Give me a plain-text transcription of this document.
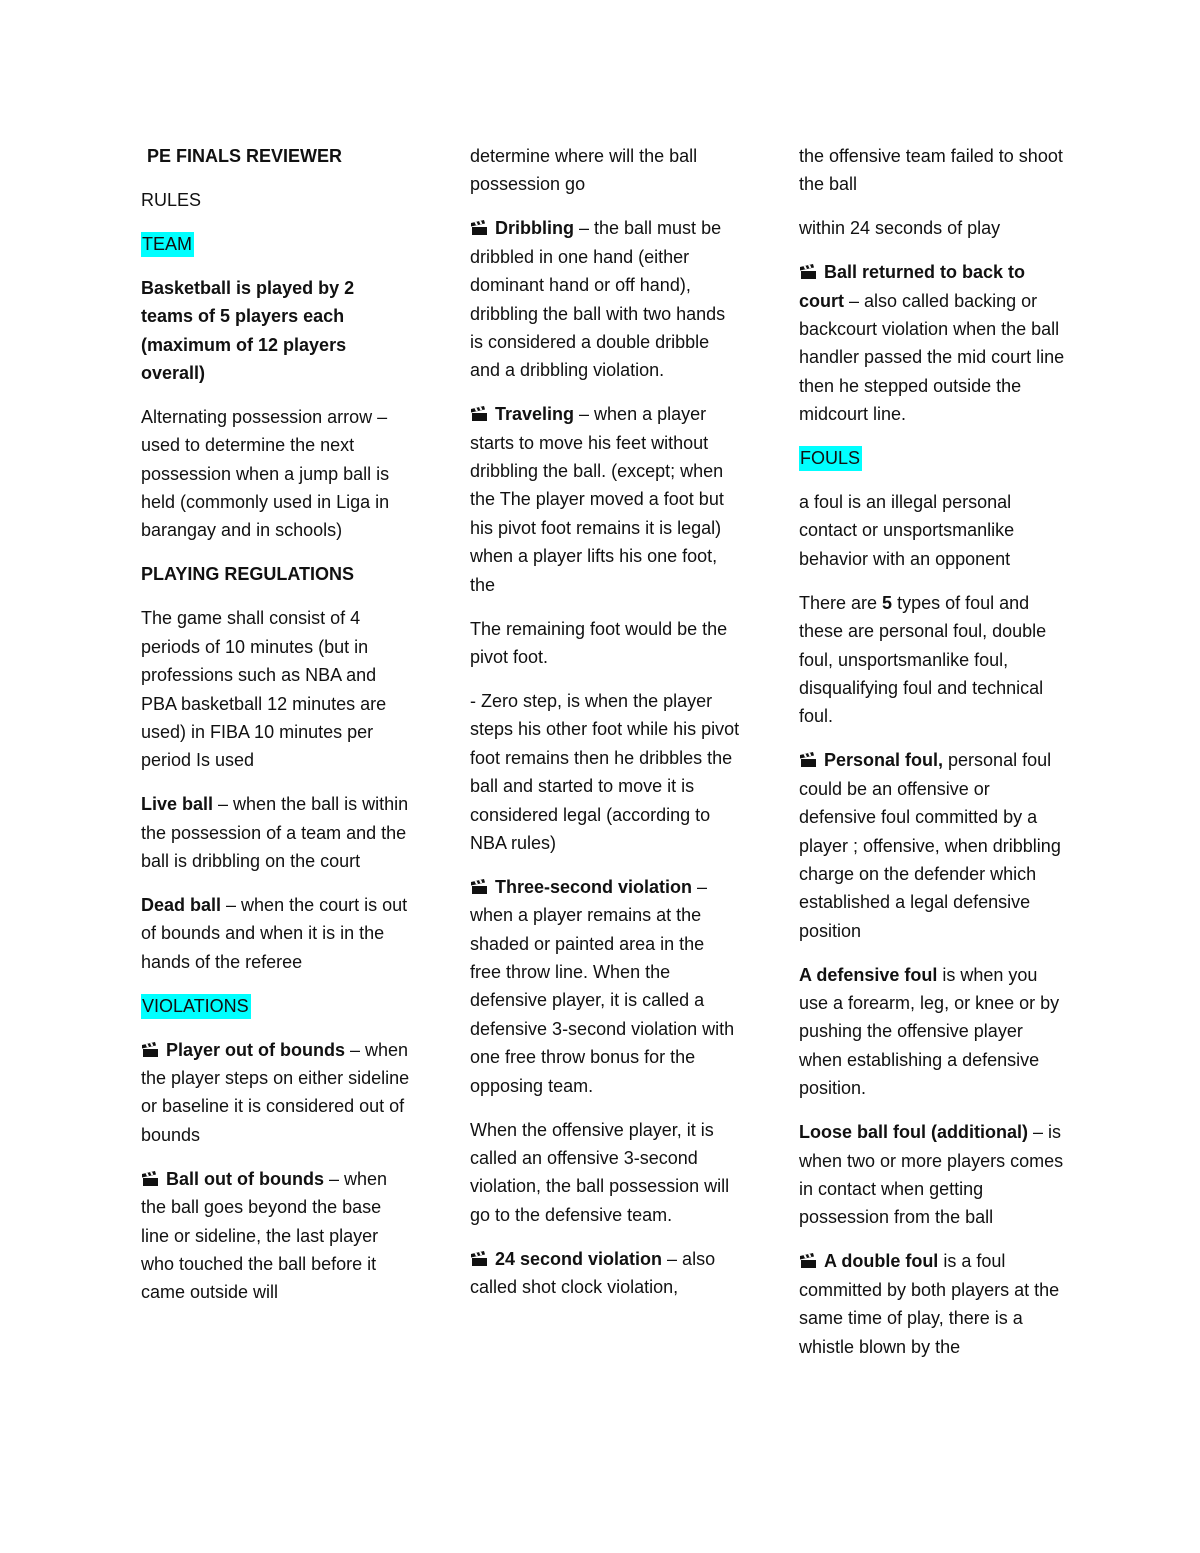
PE FINALS REVIEWER

RULES

TEAM

Basketball is played by 2 teams of 5 players each (maximum of 12 players overall)

Alternating possession arrow – used to determine the next possession when a jump ball is held (commonly used in Liga in barangay and in schools)

PLAYING REGULATIONS

The game shall consist of 4 periods of 10 minutes (but in professions such as NBA and PBA basketball 12 minutes are used) in FIBA 10 minutes per period Is used

Live ball – when the ball is within the possession of a team and the ball is dribbling on the court

Dead ball – when the court is out of bounds and when it is in the hands of the referee

VIOLATIONS

Player out of bounds – when the player steps on either sideline or baseline it is considered out of bounds

Ball out of bounds – when the ball goes beyond the base line or sideline, the last player who touched the ball before it came outside will

determine where will the ball possession go

Dribbling – the ball must be dribbled in one hand (either dominant hand or off hand), dribbling the ball with two hands is considered a double dribble and a dribbling violation.

Traveling – when a player starts to move his feet without dribbling the ball. (except; when the The player moved a foot but his pivot foot remains it is legal) when a player lifts his one foot, the

The remaining foot would be the pivot foot.

- Zero step, is when the player steps his other foot while his pivot foot remains then he dribbles the ball and started to move it is considered legal (according to NBA rules)

Three-second violation – when a player remains at the shaded or painted area in the free throw line. When the defensive player, it is called a defensive 3-second violation with one free throw bonus for the opposing team.

When the offensive player, it is called an offensive 3-second violation, the ball possession will go to the defensive team.

24 second violation – also called shot clock violation,

the offensive team failed to shoot the ball

within 24 seconds of play

Ball returned to back to court – also called backing or backcourt violation when the ball handler passed the mid court line then he stepped outside the midcourt line.

FOULS

a foul is an illegal personal contact or unsportsmanlike behavior with an opponent

There are 5 types of foul and these are personal foul, double foul, unsportsmanlike foul, disqualifying foul and technical foul.

Personal foul, personal foul could be an offensive or defensive foul committed by a player ; offensive, when dribbling charge on the defender which established a legal defensive position

A defensive foul is when you use a forearm, leg, or knee or by pushing the offensive player when establishing a defensive position.

Loose ball foul (additional) – is when two or more players comes in contact when getting possession from the ball

A double foul is a foul committed by both players at the same time of play, there is a whistle blown by the
